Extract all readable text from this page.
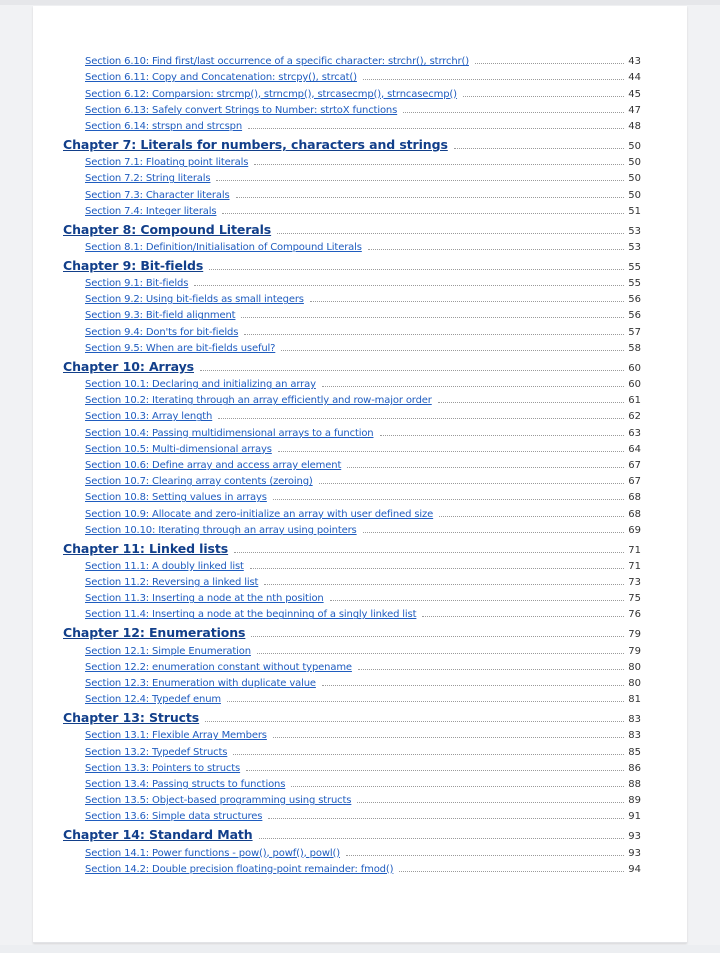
Section 6.10: Find first/last occurrence of a specific character: strchr(), strrchr()	43
Section 6.11: Copy and Concatenation: strcpy(), strcat()	44
Section 6.12: Comparsion: strcmp(), strncmp(), strcasecmp(), strncasecmp()	45
Section 6.13: Safely convert Strings to Number: strtoX functions	47
Section 6.14: strspn and strcspn	48
Chapter 7: Literals for numbers, characters and strings	50
Section 7.1: Floating point literals	50
Section 7.2: String literals	50
Section 7.3: Character literals	50
Section 7.4: Integer literals	51
Chapter 8: Compound Literals	53
Section 8.1: Definition/Initialisation of Compound Literals	53
Chapter 9: Bit-fields	55
Section 9.1: Bit-fields	55
Section 9.2: Using bit-fields as small integers	56
Section 9.3: Bit-field alignment	56
Section 9.4: Don'ts for bit-fields	57
Section 9.5: When are bit-fields useful?	58
Chapter 10: Arrays	60
Section 10.1: Declaring and initializing an array	60
Section 10.2: Iterating through an array efficiently and row-major order	61
Section 10.3: Array length	62
Section 10.4: Passing multidimensional arrays to a function	63
Section 10.5: Multi-dimensional arrays	64
Section 10.6: Define array and access array element	67
Section 10.7: Clearing array contents (zeroing)	67
Section 10.8: Setting values in arrays	68
Section 10.9: Allocate and zero-initialize an array with user defined size	68
Section 10.10: Iterating through an array using pointers	69
Chapter 11: Linked lists	71
Section 11.1: A doubly linked list	71
Section 11.2: Reversing a linked list	73
Section 11.3: Inserting a node at the nth position	75
Section 11.4: Inserting a node at the beginning of a singly linked list	76
Chapter 12: Enumerations	79
Section 12.1: Simple Enumeration	79
Section 12.2: enumeration constant without typename	80
Section 12.3: Enumeration with duplicate value	80
Section 12.4: Typedef enum	81
Chapter 13: Structs	83
Section 13.1: Flexible Array Members	83
Section 13.2: Typedef Structs	85
Section 13.3: Pointers to structs	86
Section 13.4: Passing structs to functions	88
Section 13.5: Object-based programming using structs	89
Section 13.6: Simple data structures	91
Chapter 14: Standard Math	93
Section 14.1: Power functions - pow(), powf(), powl()	93
Section 14.2: Double precision floating-point remainder: fmod()	94
